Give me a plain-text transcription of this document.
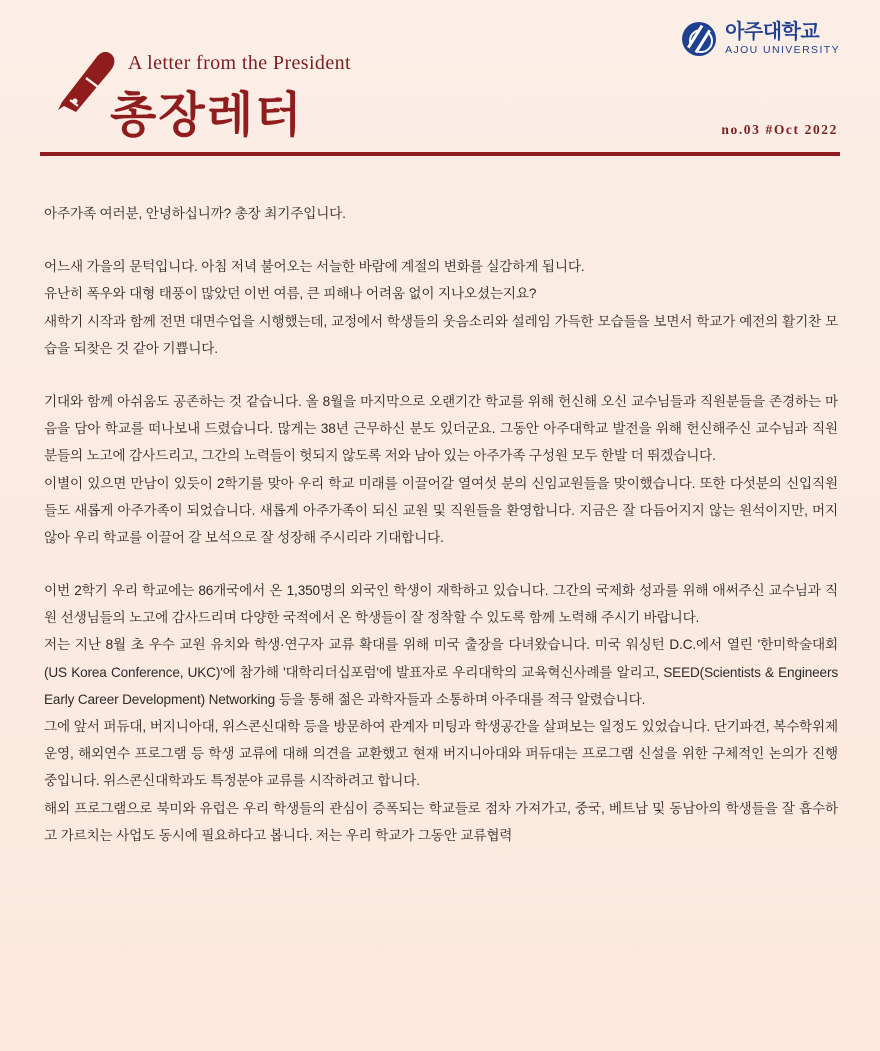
아주대학교
AJOU UNIVERSITY
A letter from the President
총장레터	no.03 #Oct 2022

아주가족 여러분, 안녕하십니까? 총장 최기주입니다.

어느새 가을의 문턱입니다. 아침 저녁 불어오는 서늘한 바람에 계절의 변화를 실감하게 됩니다.
유난히 폭우와 대형 태풍이 많았던 이번 여름, 큰 피해나 어려움 없이 지나오셨는지요?
새학기 시작과 함께 전면 대면수업을 시행했는데, 교정에서 학생들의 웃음소리와 설레임 가득한 모습들을 보면서 학교가 예전의 활기찬 모습을 되찾은 것 같아 기쁩니다.

기대와 함께 아쉬움도 공존하는 것 같습니다. 올 8월을 마지막으로 오랜기간 학교를 위해 헌신해 오신 교수님들과 직원분들을 존경하는 마음을 담아 학교를 떠나보내 드렸습니다. 많게는 38년 근무하신 분도 있더군요. 그동안 아주대학교 발전을 위해 헌신해주신 교수님과 직원분들의 노고에 감사드리고, 그간의 노력들이 헛되지 않도록 저와 남아 있는 아주가족 구성원 모두 한발 더 뛰겠습니다.
이별이 있으면 만남이 있듯이 2학기를 맞아 우리 학교 미래를 이끌어갈 열여섯 분의 신임교원들을 맞이했습니다. 또한 다섯분의 신입직원들도 새롭게 아주가족이 되었습니다. 새롭게 아주가족이 되신 교원 및 직원들을 환영합니다. 지금은 잘 다듬어지지 않는 원석이지만, 머지않아 우리 학교를 이끌어 갈 보석으로 잘 성장해 주시리라 기대합니다.

이번 2학기 우리 학교에는 86개국에서 온 1,350명의 외국인 학생이 재학하고 있습니다. 그간의 국제화 성과를 위해 애써주신 교수님과 직원 선생님들의 노고에 감사드리며 다양한 국적에서 온 학생들이 잘 정착할 수 있도록 함께 노력해 주시기 바랍니다.
저는 지난 8월 초 우수 교원 유치와 학생·연구자 교류 확대를 위해 미국 출장을 다녀왔습니다. 미국 워싱턴 D.C.에서 열린 '한미학술대회(US Korea Conference, UKC)'에 참가해 '대학리더십포럼'에 발표자로 우리대학의 교육혁신사례를 알리고, SEED(Scientists & Engineers Early Career Development) Networking 등을 통해 젊은 과학자들과 소통하며 아주대를 적극 알렸습니다.
그에 앞서 퍼듀대, 버지니아대, 위스콘신대학 등을 방문하여 관계자 미팅과 학생공간을 살펴보는 일정도 있었습니다. 단기파견, 복수학위제 운영, 해외연수 프로그램 등 학생 교류에 대해 의견을 교환했고 현재 버지니아대와 퍼듀대는 프로그램 신설을 위한 구체적인 논의가 진행 중입니다. 위스콘신대학과도 특정분야 교류를 시작하려고 합니다.
해외 프로그램으로 북미와 유럽은 우리 학생들의 관심이 증폭되는 학교들로 점차 가져가고, 중국, 베트남 및 동남아의 학생들을 잘 흡수하고 가르치는 사업도 동시에 필요하다고 봅니다. 저는 우리 학교가 그동안 교류협력
